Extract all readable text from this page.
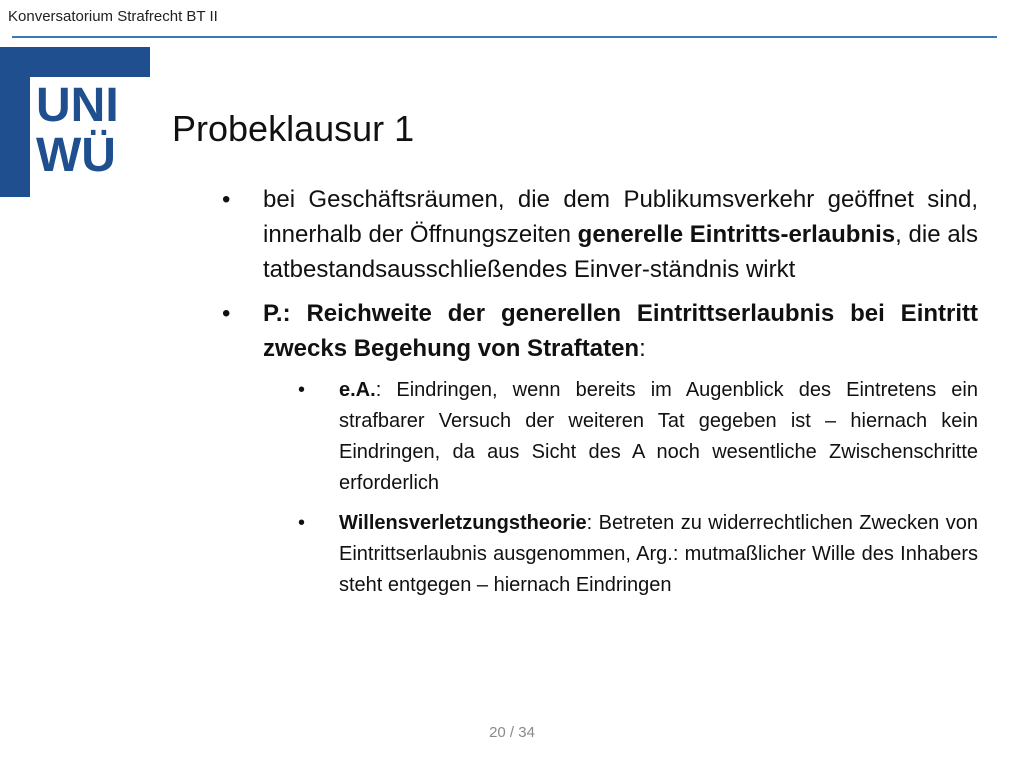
Konversatorium Strafrecht BT II
UNI
WÜ
Probeklausur 1
• bei Geschäftsräumen, die dem Publikumsverkehr geöffnet sind, innerhalb der Öffnungszeiten generelle Eintritts-erlaubnis, die als tatbestandsausschließendes Einver-ständnis wirkt
• P.: Reichweite der generellen Eintrittserlaubnis bei Eintritt zwecks Begehung von Straftaten:
• e.A.: Eindringen, wenn bereits im Augenblick des Eintretens ein strafbarer Versuch der weiteren Tat gegeben ist – hiernach kein Eindringen, da aus Sicht des A noch wesentliche Zwischenschritte erforderlich
• Willensverletzungstheorie: Betreten zu widerrechtlichen Zwecken von Eintrittserlaubnis ausgenommen, Arg.: mutmaßlicher Wille des Inhabers steht entgegen – hiernach Eindringen
20 / 34
